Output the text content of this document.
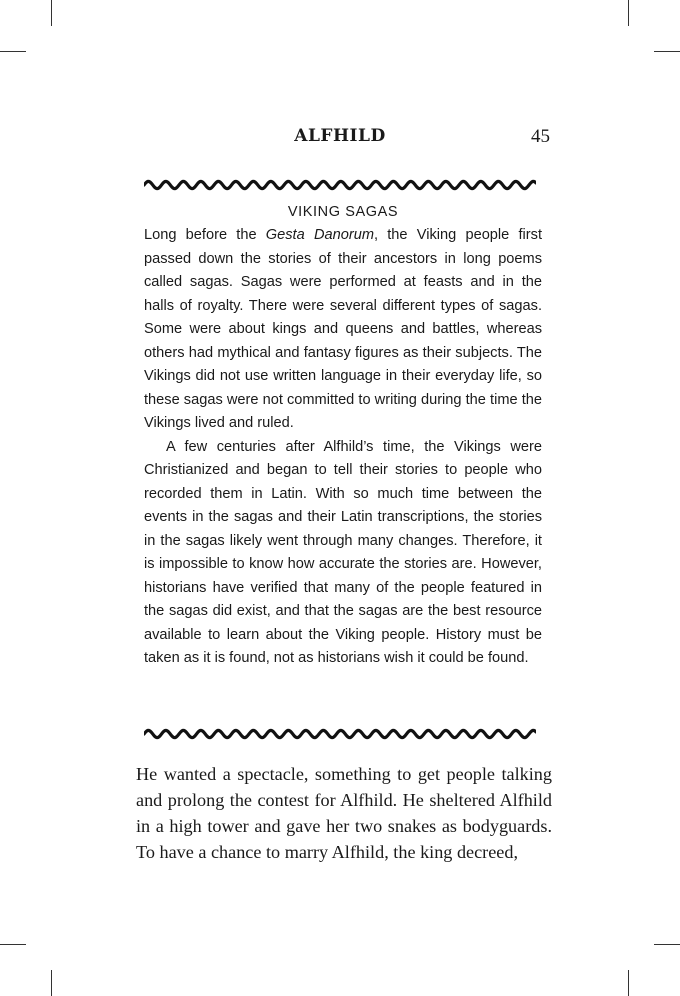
ALFHILD	45
VIKING SAGAS

Long before the Gesta Danorum, the Viking people first passed down the stories of their ancestors in long poems called sagas. Sagas were performed at feasts and in the halls of royalty. There were several different types of sagas. Some were about kings and queens and battles, whereas others had mythical and fantasy figures as their subjects. The Vikings did not use written language in their everyday life, so these sagas were not committed to writing during the time the Vikings lived and ruled.

A few centuries after Alfhild’s time, the Vikings were Christianized and began to tell their stories to people who recorded them in Latin. With so much time between the events in the sagas and their Latin transcriptions, the stories in the sagas likely went through many changes. Therefore, it is impossible to know how accurate the stories are. However, historians have verified that many of the people featured in the sagas did exist, and that the sagas are the best resource available to learn about the Viking people. History must be taken as it is found, not as historians wish it could be found.

He wanted a spectacle, something to get people talking and prolong the contest for Alfhild. He sheltered Alfhild in a high tower and gave her two snakes as bodyguards. To have a chance to marry Alfhild, the king decreed,
